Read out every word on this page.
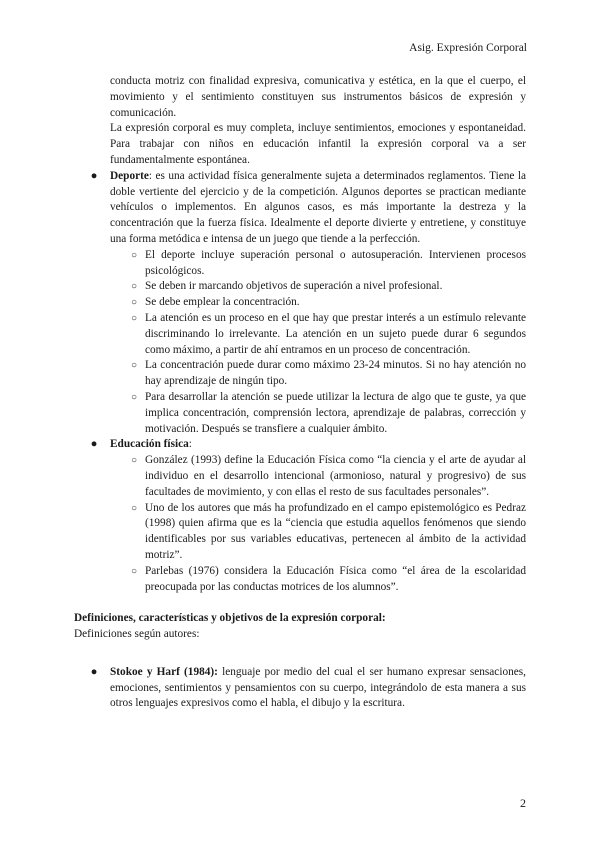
Asig. Expresión Corporal

conducta motriz con finalidad expresiva, comunicativa y estética, en la que el cuerpo, el movimiento y el sentimiento constituyen sus instrumentos básicos de expresión y comunicación.

La expresión corporal es muy completa, incluye sentimientos, emociones y espontaneidad. Para trabajar con niños en educación infantil la expresión corporal va a ser fundamentalmente espontánea.

● Deporte: es una actividad física generalmente sujeta a determinados reglamentos. Tiene la doble vertiente del ejercicio y de la competición. Algunos deportes se practican mediante vehículos o implementos. En algunos casos, es más importante la destreza y la concentración que la fuerza física. Idealmente el deporte divierte y entretiene, y constituye una forma metódica e intensa de un juego que tiende a la perfección.
○ El deporte incluye superación personal o autosuperación. Intervienen procesos psicológicos.
○ Se deben ir marcando objetivos de superación a nivel profesional.
○ Se debe emplear la concentración.
○ La atención es un proceso en el que hay que prestar interés a un estímulo relevante discriminando lo irrelevante. La atención en un sujeto puede durar 6 segundos como máximo, a partir de ahí entramos en un proceso de concentración.
○ La concentración puede durar como máximo 23-24 minutos. Si no hay atención no hay aprendizaje de ningún tipo.
○ Para desarrollar la atención se puede utilizar la lectura de algo que te guste, ya que implica concentración, comprensión lectora, aprendizaje de palabras, corrección y motivación. Después se transfiere a cualquier ámbito.
● Educación física:
○ González (1993) define la Educación Física como “la ciencia y el arte de ayudar al individuo en el desarrollo intencional (armonioso, natural y progresivo) de sus facultades de movimiento, y con ellas el resto de sus facultades personales”.
○ Uno de los autores que más ha profundizado en el campo epistemológico es Pedraz (1998) quien afirma que es la “ciencia que estudia aquellos fenómenos que siendo identificables por sus variables educativas, pertenecen al ámbito de la actividad motriz”.
○ Parlebas (1976) considera la Educación Física como “el área de la escolaridad preocupada por las conductas motrices de los alumnos”.
Definiciones, características y objetivos de la expresión corporal:
Definiciones según autores:
● Stokoe y Harf (1984): lenguaje por medio del cual el ser humano expresar sensaciones, emociones, sentimientos y pensamientos con su cuerpo, integrándolo de esta manera a sus otros lenguajes expresivos como el habla, el dibujo y la escritura.
2
